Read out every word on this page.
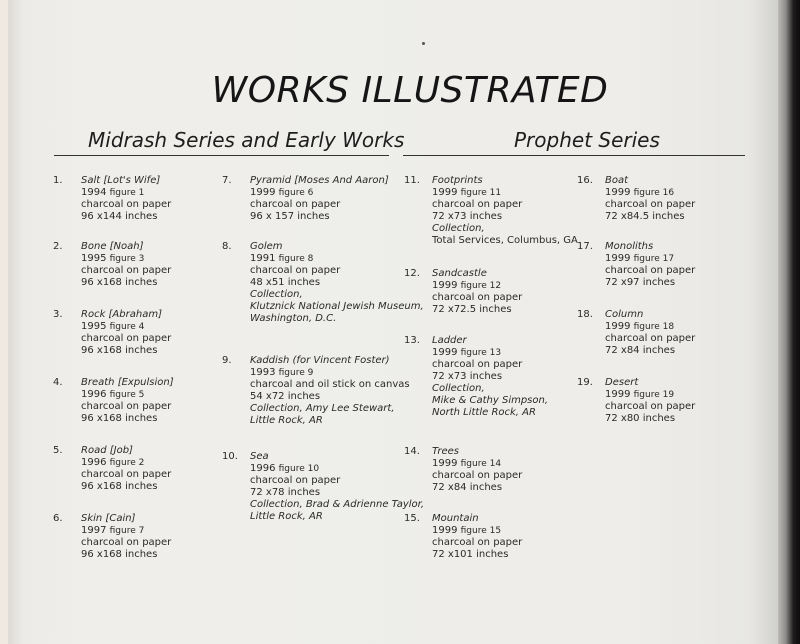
WORKS ILLUSTRATED
Midrash Series and Early Works	Prophet Series
1. Salt [Lot's Wife]
1994 figure 1
charcoal on paper
96 x144 inches
2. Bone [Noah]
1995 figure 3
charcoal on paper
96 x168 inches
3. Rock [Abraham]
1995 figure 4
charcoal on paper
96 x168 inches
4. Breath [Expulsion]
1996 figure 5
charcoal on paper
96 x168 inches
5. Road [Job]
1996 figure 2
charcoal on paper
96 x168 inches
6. Skin [Cain]
1997 figure 7
charcoal on paper
96 x168 inches
7. Pyramid [Moses And Aaron]
1999 figure 6
charcoal on paper
96 x 157 inches
8. Golem
1991 figure 8
charcoal on paper
48 x51 inches
Collection,
Klutznick National Jewish Museum,
Washington, D.C.
9. Kaddish (for Vincent Foster)
1993 figure 9
charcoal and oil stick on canvas
54 x72 inches
Collection, Amy Lee Stewart,
Little Rock, AR
10. Sea
1996 figure 10
charcoal on paper
72 x78 inches
Collection, Brad & Adrienne Taylor,
Little Rock, AR
11. Footprints
1999 figure 11
charcoal on paper
72 x73 inches
Collection,
Total Services, Columbus, GA
12. Sandcastle
1999 figure 12
charcoal on paper
72 x72.5 inches
13. Ladder
1999 figure 13
charcoal on paper
72 x73 inches
Collection,
Mike & Cathy Simpson,
North Little Rock, AR
14. Trees
1999 figure 14
charcoal on paper
72 x84 inches
15. Mountain
1999 figure 15
charcoal on paper
72 x101 inches
16. Boat
1999 figure 16
charcoal on paper
72 x84.5 inches
17. Monoliths
1999 figure 17
charcoal on paper
72 x97 inches
18. Column
1999 figure 18
charcoal on paper
72 x84 inches
19. Desert
1999 figure 19
charcoal on paper
72 x80 inches
